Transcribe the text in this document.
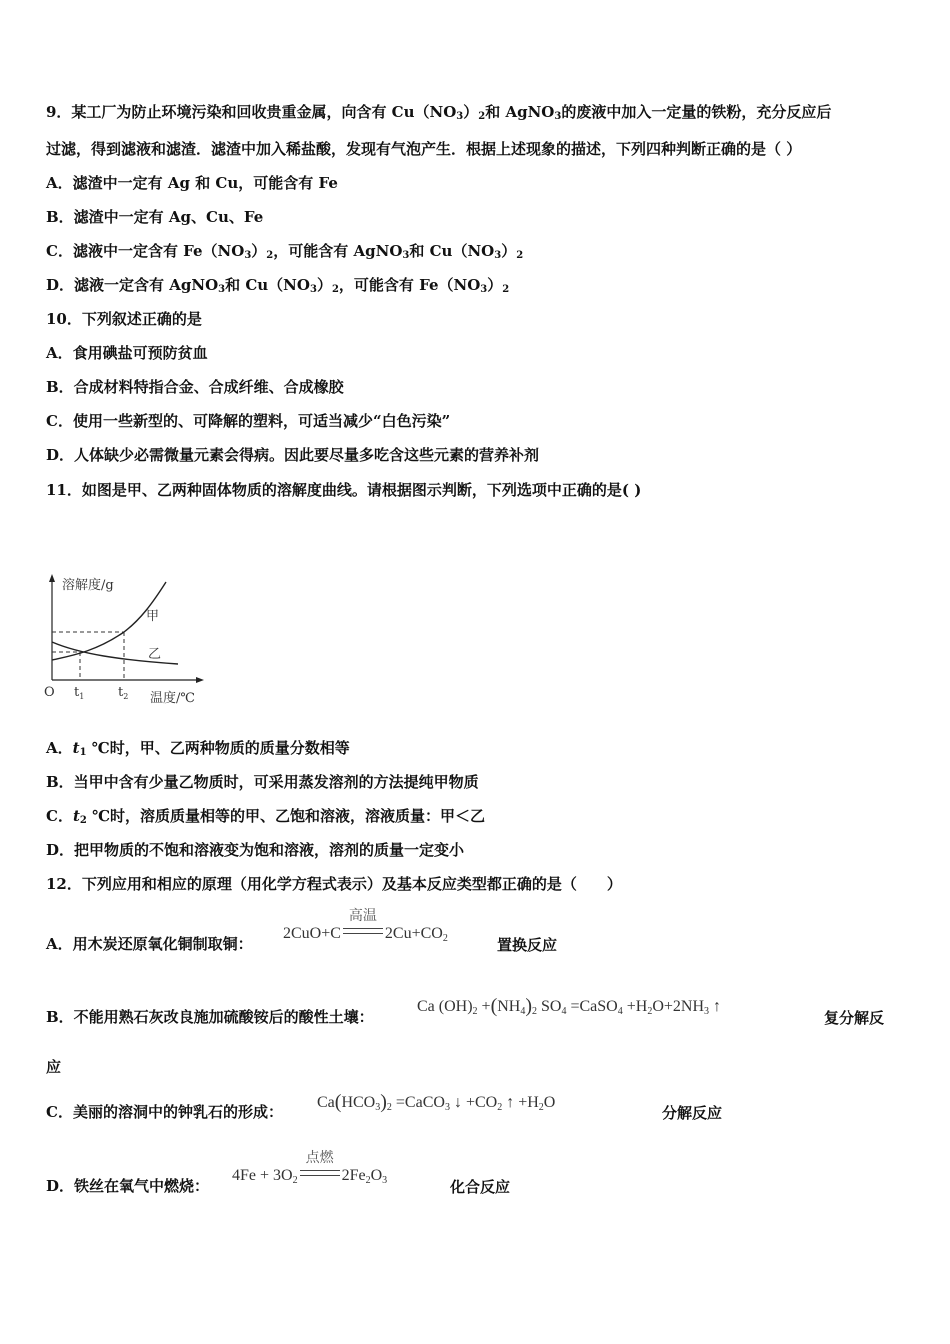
9．某工厂为防止环境污染和回收贵重金属，向含有 $Cu(NO_3)_2$和 AgNO$_3$的废液中加入一定量的铁粉，充分反应后
过滤，得到滤液和滤渣．滤渣中加入稀盐酸，发现有气泡产生．根据上述现象的描述，下列四种判断正确的是（ ）
A．滤渣中一定有 Ag 和 Cu，可能含有 Fe
B．滤渣中一定有 Ag、Cu、Fe
C．滤液中一定含有 $Fe(NO_3)_2$，可能含有 AgNO$_3$和 $Cu(NO_3)_2$
D．滤液一定含有 AgNO$_3$和 $Cu(NO_3)_2$，可能含有 $Fe(NO_3)_2$
10．下列叙述正确的是
A．食用碘盐可预防贫血
B．合成材料特指合金、合成纤维、合成橡胶
C．使用一些新型的、可降解的塑料，可适当减少“白色污染”
D．人体缺少必需微量元素会得病。因此要尽量多吃含这些元素的营养补剂
11．如图是甲、乙两种固体物质的溶解度曲线。请根据图示判断，下列选项中正确的是( )
溶解度/g
温度/℃
O $t_1$	$t_2$
甲
乙
A．$t_1$ ℃时，甲、乙两种物质的质量分数相等
B．当甲中含有少量乙物质时，可采用蒸发溶剂的方法提纯甲物质
C．$t_2$ ℃时，溶质质量相等的甲、乙饱和溶液，溶液质量：甲＜乙
D．把甲物质的不饱和溶液变为饱和溶液，溶剂的质量一定变小
12．下列应用和相应的原理（用化学方程式表示）及基本反应类型都正确的是（　　）
A．用木炭还原氧化铜制取铜：
2CuO+C
高温
$2Cu+CO_2$	置换反应
B．不能用熟石灰改良施加硫酸铵后的酸性土壤：
Ca $(OH)_2 +(NH_4)_2$ $SO_4$ =CaSO$_4$ $+H_2O+2NH_3$ ↑
复分解反
应
C．美丽的溶洞中的钟乳石的形成：
$Ca(HCO_3)_2$ =CaCO$_3$ ↓ $+CO_2$ ↑ $+H_2O$
分解反应
D．铁丝在氧气中燃烧：
$4Fe + 3O_2$
点燃
$2Fe_2O_3$	化合反应
